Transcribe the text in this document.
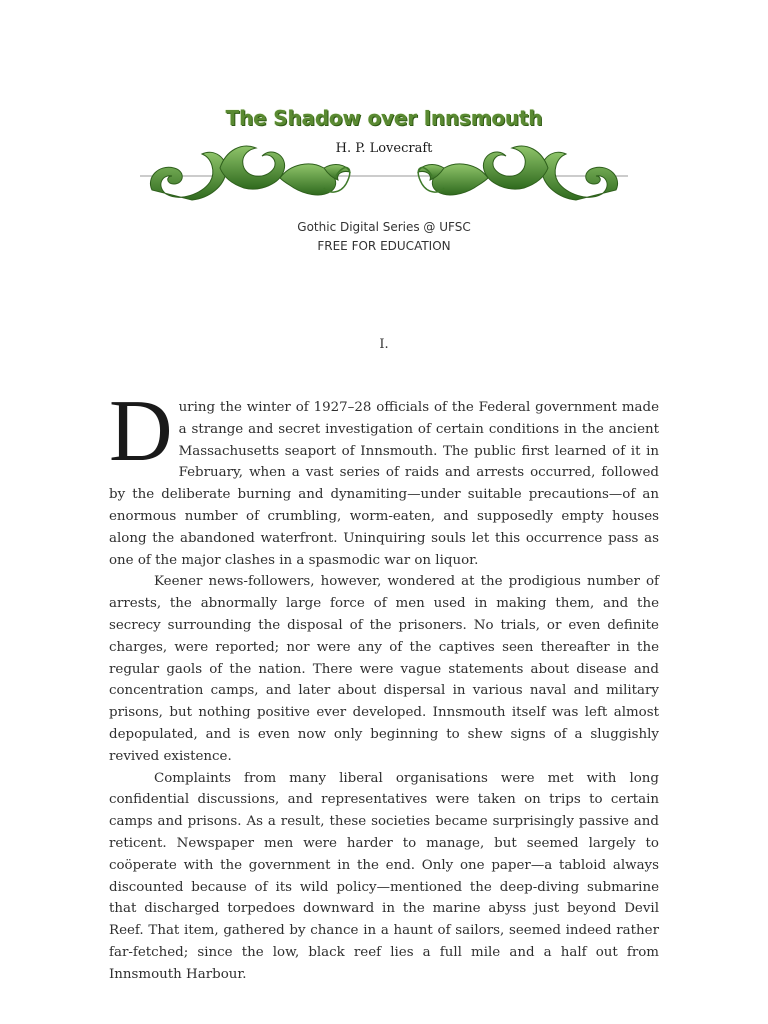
The Shadow over Innsmouth
H. P. Lovecraft
Gothic Digital Series @ UFSC
FREE FOR EDUCATION
I.

During the winter of 1927–28 officials of the Federal government made a strange and secret investigation of certain conditions in the ancient Massachusetts seaport of Innsmouth. The public first learned of it in February, when a vast series of raids and arrests occurred, followed by the deliberate burning and dynamiting—under suitable precautions—of an enormous number of crumbling, worm-eaten, and supposedly empty houses along the abandoned waterfront. Uninquiring souls let this occurrence pass as one of the major clashes in a spasmodic war on liquor.

Keener news-followers, however, wondered at the prodigious number of arrests, the abnormally large force of men used in making them, and the secrecy surrounding the disposal of the prisoners. No trials, or even definite charges, were reported; nor were any of the captives seen thereafter in the regular gaols of the nation. There were vague statements about disease and concentration camps, and later about dispersal in various naval and military prisons, but nothing positive ever developed. Innsmouth itself was left almost depopulated, and is even now only beginning to shew signs of a sluggishly revived existence.

Complaints from many liberal organisations were met with long confidential discussions, and representatives were taken on trips to certain camps and prisons. As a result, these societies became surprisingly passive and reticent. Newspaper men were harder to manage, but seemed largely to coöperate with the government in the end. Only one paper—a tabloid always discounted because of its wild policy—mentioned the deep-diving submarine that discharged torpedoes downward in the marine abyss just beyond Devil Reef. That item, gathered by chance in a haunt of sailors, seemed indeed rather far-fetched; since the low, black reef lies a full mile and a half out from Innsmouth Harbour.
